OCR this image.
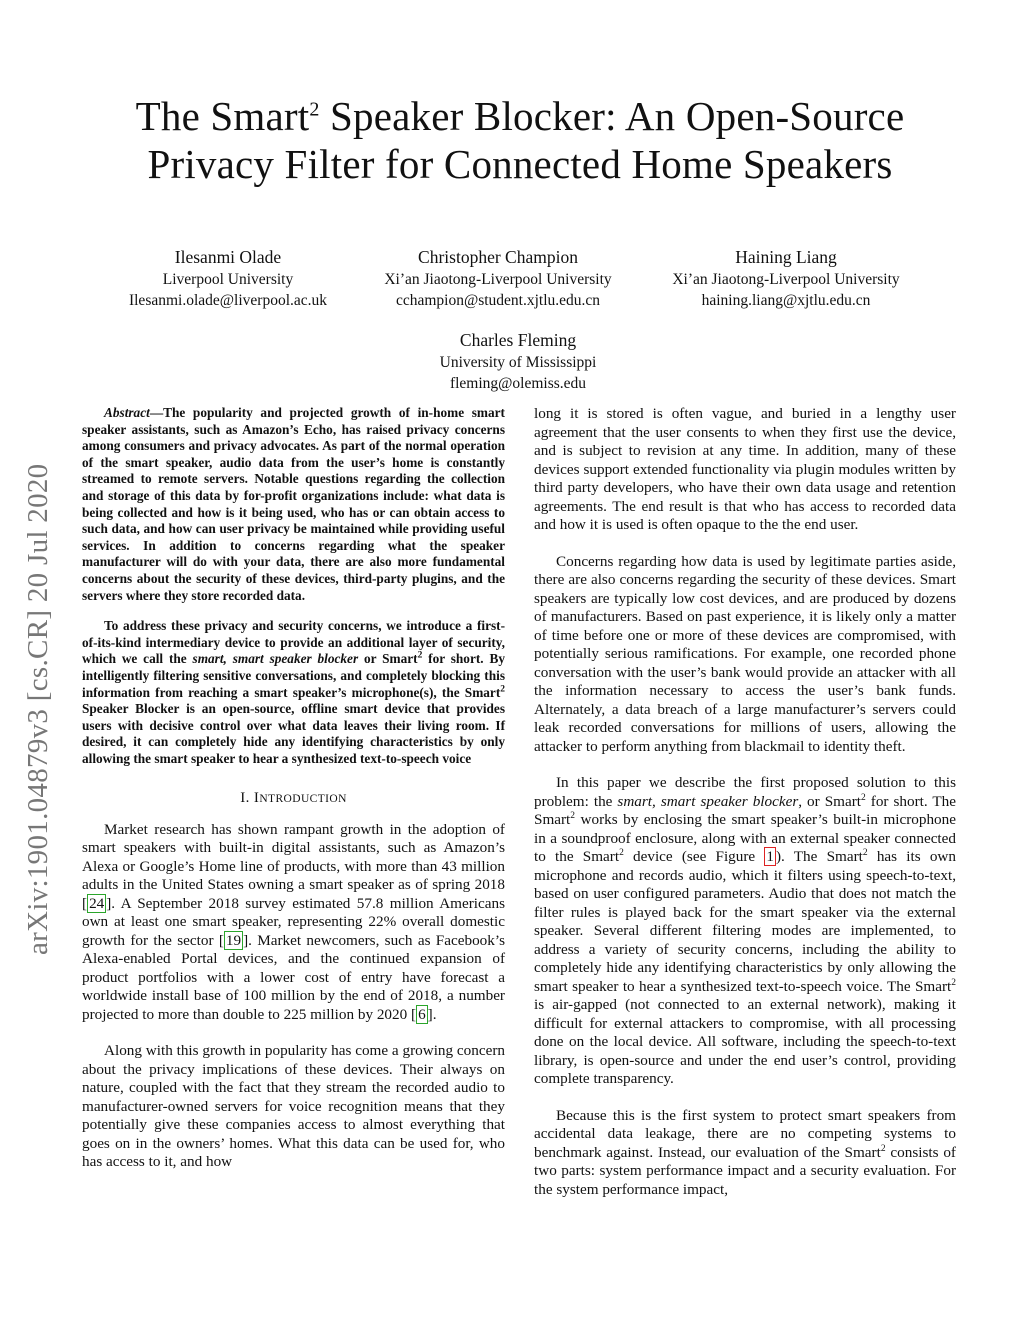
arXiv:1901.04879v3 [cs.CR] 20 Jul 2020
The Smart$^2$ Speaker Blocker: An Open-Source
Privacy Filter for Connected Home Speakers
Ilesanmi Olade
Liverpool University
Ilesanmi.olade@liverpool.ac.uk
Christopher Champion
Xi’an Jiaotong-Liverpool University
cchampion@student.xjtlu.edu.cn
Haining Liang
Xi’an Jiaotong-Liverpool University
haining.liang@xjtlu.edu.cn
Charles Fleming
University of Mississippi
fleming@olemiss.edu

Abstract—The popularity and projected growth of in-home smart speaker assistants, such as Amazon’s Echo, has raised privacy concerns among consumers and privacy advocates. As part of the normal operation of the smart speaker, audio data from the user’s home is constantly streamed to remote servers. Notable questions regarding the collection and storage of this data by for-profit organizations include: what data is being collected and how is it being used, who has or can obtain access to such data, and how can user privacy be maintained while providing useful services. In addition to concerns regarding what the speaker manufacturer will do with your data, there are also more fundamental concerns about the security of these devices, third-party plugins, and the servers where they store recorded data.

To address these privacy and security concerns, we introduce a first-of-its-kind intermediary device to provide an additional layer of security, which we call the smart, smart speaker blocker or Smart$^2$ for short. By intelligently filtering sensitive conversations, and completely blocking this information from reaching a smart speaker’s microphone(s), the Smart$^2$ Speaker Blocker is an open-source, offline smart device that provides users with decisive control over what data leaves their living room. If desired, it can completely hide any identifying characteristics by only allowing the smart speaker to hear a synthesized text-to-speech voice

I. INTRODUCTION

Market research has shown rampant growth in the adoption of smart speakers with built-in digital assistants, such as Amazon’s Alexa or Google’s Home line of products, with more than 43 million adults in the United States owning a smart speaker as of spring 2018 [ 24 ]. A September 2018 survey estimated 57.8 million Americans own at least one smart speaker, representing 22% overall domestic growth for the sector [ 19 ]. Market newcomers, such as Facebook’s Alexa-enabled Portal devices, and the continued expansion of product portfolios with a lower cost of entry have forecast a worldwide install base of 100 million by the end of 2018, a number projected to more than double to 225 million by 2020 [ 6 ].

Along with this growth in popularity has come a growing concern about the privacy implications of these devices. Their always on nature, coupled with the fact that they stream the recorded audio to manufacturer-owned servers for voice recognition means that they potentially give these companies access to almost everything that goes on in the owners’ homes. What this data can be used for, who has access to it, and how

long it is stored is often vague, and buried in a lengthy user agreement that the user consents to when they first use the device, and is subject to revision at any time. In addition, many of these devices support extended functionality via plugin modules written by third party developers, who have their own data usage and retention agreements. The end result is that who has access to recorded data and how it is used is often opaque to the the end user.

Concerns regarding how data is used by legitimate parties aside, there are also concerns regarding the security of these devices. Smart speakers are typically low cost devices, and are produced by dozens of manufacturers. Based on past experience, it is likely only a matter of time before one or more of these devices are compromised, with potentially serious ramifications. For example, one recorded phone conversation with the user’s bank would provide an attacker with all the information necessary to access the user’s bank funds. Alternately, a data breach of a large manufacturer’s servers could leak recorded conversations for millions of users, allowing the attacker to perform anything from blackmail to identity theft.

In this paper we describe the first proposed solution to this problem: the smart, smart speaker blocker, or Smart$^2$ for short. The Smart$^2$ works by enclosing the smart speaker’s built-in microphone in a soundproof enclosure, along with an external speaker connected to the Smart$^2$ device (see Figure 1 ). The Smart$^2$ has its own microphone and records audio, which it filters using speech-to-text, based on user configured parameters. Audio that does not match the filter rules is played back for the smart speaker via the external speaker. Several different filtering modes are implemented, to address a variety of security concerns, including the ability to completely hide any identifying characteristics by only allowing the smart speaker to hear a synthesized text-to-speech voice. The Smart$^2$ is air-gapped (not connected to an external network), making it difficult for external attackers to compromise, with all processing done on the local device. All software, including the speech-to-text library, is open-source and under the end user’s control, providing complete transparency.

Because this is the first system to protect smart speakers from accidental data leakage, there are no competing systems to benchmark against. Instead, our evaluation of the Smart$^2$ consists of two parts: system performance impact and a security evaluation. For the system performance impact,
